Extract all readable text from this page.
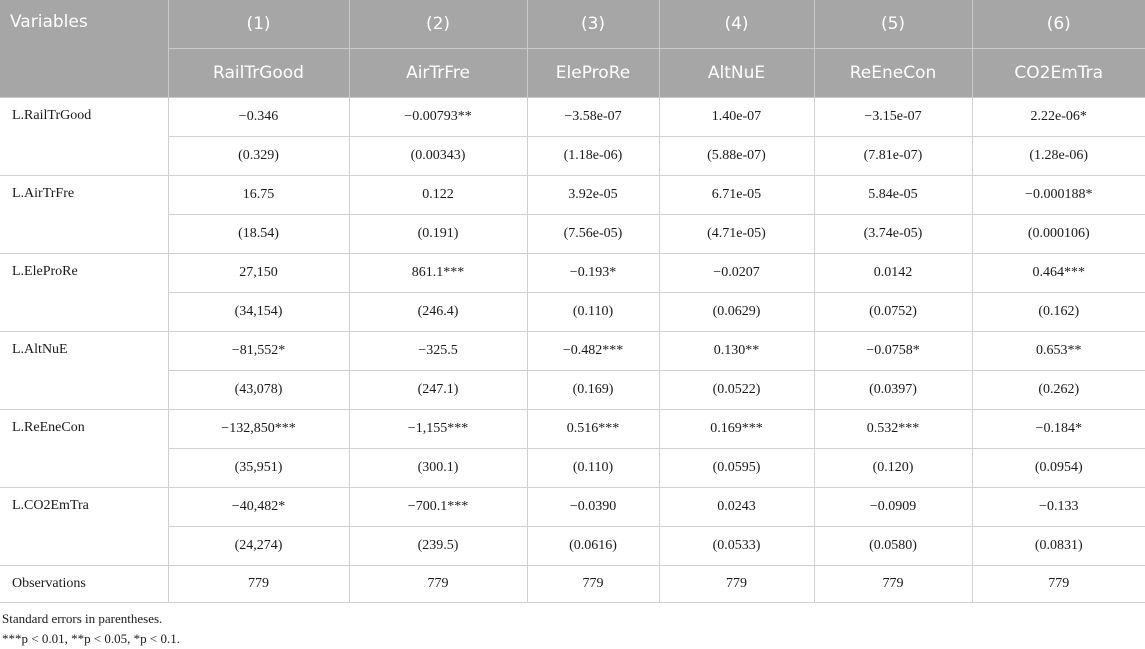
Variables	(1)	(2)	(3)	(4)	(5)	(6)
	RailTrGood	AirTrFre	EleProRe	AltNuE	ReEneCon	CO2EmTra
L.RailTrGood	−0.346	−0.00793**	−3.58e-07	1.40e-07	−3.15e-07	2.22e-06*
	(0.329)	(0.00343)	(1.18e-06)	(5.88e-07)	(7.81e-07)	(1.28e-06)
L.AirTrFre	16.75	0.122	3.92e-05	6.71e-05	5.84e-05	−0.000188*
	(18.54)	(0.191)	(7.56e-05)	(4.71e-05)	(3.74e-05)	(0.000106)
L.EleProRe	27,150	861.1***	−0.193*	−0.0207	0.0142	0.464***
	(34,154)	(246.4)	(0.110)	(0.0629)	(0.0752)	(0.162)
L.AltNuE	−81,552*	−325.5	−0.482***	0.130**	−0.0758*	0.653**
	(43,078)	(247.1)	(0.169)	(0.0522)	(0.0397)	(0.262)
L.ReEneCon	−132,850***	−1,155***	0.516***	0.169***	0.532***	−0.184*
	(35,951)	(300.1)	(0.110)	(0.0595)	(0.120)	(0.0954)
L.CO2EmTra	−40,482*	−700.1***	−0.0390	0.0243	−0.0909	−0.133
	(24,274)	(239.5)	(0.0616)	(0.0533)	(0.0580)	(0.0831)
Observations	779	779	779	779	779	779
Standard errors in parentheses.
***p < 0.01, **p < 0.05, *p < 0.1.
